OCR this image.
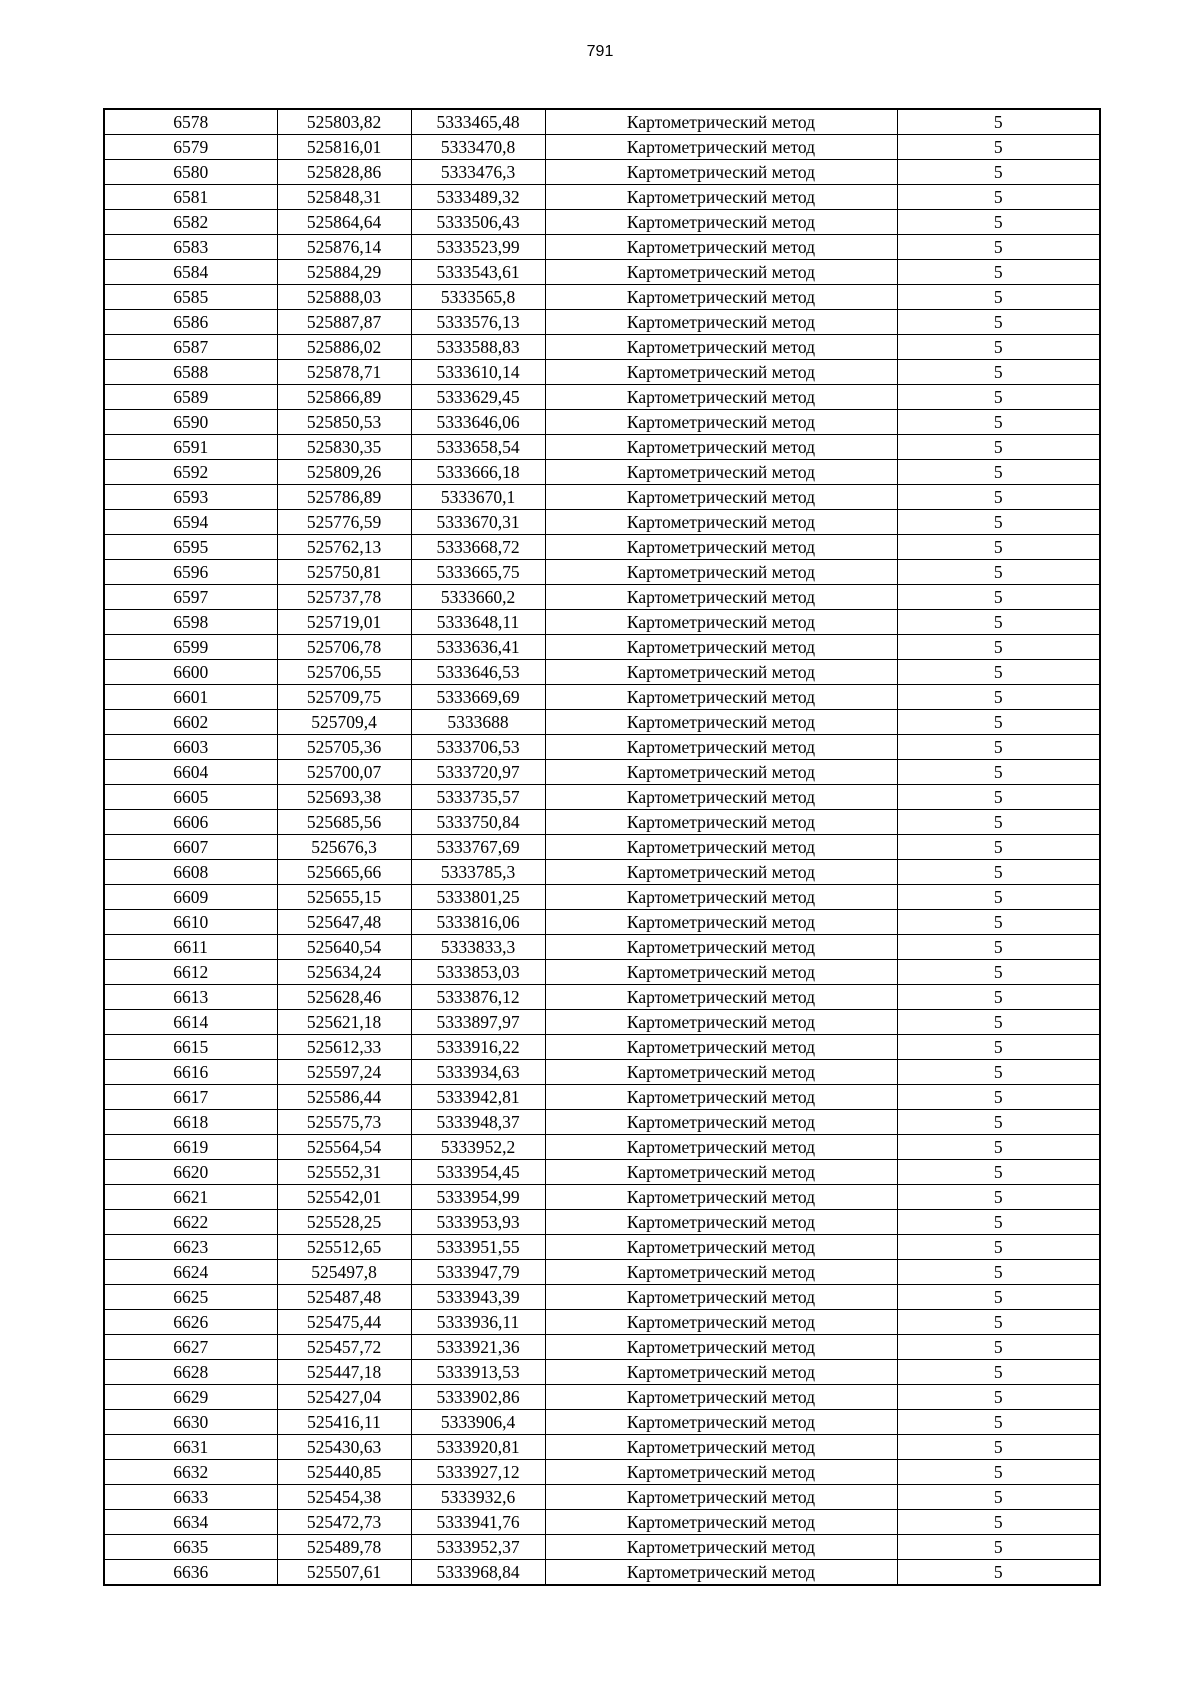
791
6578	525803,82	5333465,48	Картометрический метод	5
6579	525816,01	5333470,8	Картометрический метод	5
6580	525828,86	5333476,3	Картометрический метод	5
6581	525848,31	5333489,32	Картометрический метод	5
6582	525864,64	5333506,43	Картометрический метод	5
6583	525876,14	5333523,99	Картометрический метод	5
6584	525884,29	5333543,61	Картометрический метод	5
6585	525888,03	5333565,8	Картометрический метод	5
6586	525887,87	5333576,13	Картометрический метод	5
6587	525886,02	5333588,83	Картометрический метод	5
6588	525878,71	5333610,14	Картометрический метод	5
6589	525866,89	5333629,45	Картометрический метод	5
6590	525850,53	5333646,06	Картометрический метод	5
6591	525830,35	5333658,54	Картометрический метод	5
6592	525809,26	5333666,18	Картометрический метод	5
6593	525786,89	5333670,1	Картометрический метод	5
6594	525776,59	5333670,31	Картометрический метод	5
6595	525762,13	5333668,72	Картометрический метод	5
6596	525750,81	5333665,75	Картометрический метод	5
6597	525737,78	5333660,2	Картометрический метод	5
6598	525719,01	5333648,11	Картометрический метод	5
6599	525706,78	5333636,41	Картометрический метод	5
6600	525706,55	5333646,53	Картометрический метод	5
6601	525709,75	5333669,69	Картометрический метод	5
6602	525709,4	5333688	Картометрический метод	5
6603	525705,36	5333706,53	Картометрический метод	5
6604	525700,07	5333720,97	Картометрический метод	5
6605	525693,38	5333735,57	Картометрический метод	5
6606	525685,56	5333750,84	Картометрический метод	5
6607	525676,3	5333767,69	Картометрический метод	5
6608	525665,66	5333785,3	Картометрический метод	5
6609	525655,15	5333801,25	Картометрический метод	5
6610	525647,48	5333816,06	Картометрический метод	5
6611	525640,54	5333833,3	Картометрический метод	5
6612	525634,24	5333853,03	Картометрический метод	5
6613	525628,46	5333876,12	Картометрический метод	5
6614	525621,18	5333897,97	Картометрический метод	5
6615	525612,33	5333916,22	Картометрический метод	5
6616	525597,24	5333934,63	Картометрический метод	5
6617	525586,44	5333942,81	Картометрический метод	5
6618	525575,73	5333948,37	Картометрический метод	5
6619	525564,54	5333952,2	Картометрический метод	5
6620	525552,31	5333954,45	Картометрический метод	5
6621	525542,01	5333954,99	Картометрический метод	5
6622	525528,25	5333953,93	Картометрический метод	5
6623	525512,65	5333951,55	Картометрический метод	5
6624	525497,8	5333947,79	Картометрический метод	5
6625	525487,48	5333943,39	Картометрический метод	5
6626	525475,44	5333936,11	Картометрический метод	5
6627	525457,72	5333921,36	Картометрический метод	5
6628	525447,18	5333913,53	Картометрический метод	5
6629	525427,04	5333902,86	Картометрический метод	5
6630	525416,11	5333906,4	Картометрический метод	5
6631	525430,63	5333920,81	Картометрический метод	5
6632	525440,85	5333927,12	Картометрический метод	5
6633	525454,38	5333932,6	Картометрический метод	5
6634	525472,73	5333941,76	Картометрический метод	5
6635	525489,78	5333952,37	Картометрический метод	5
6636	525507,61	5333968,84	Картометрический метод	5
